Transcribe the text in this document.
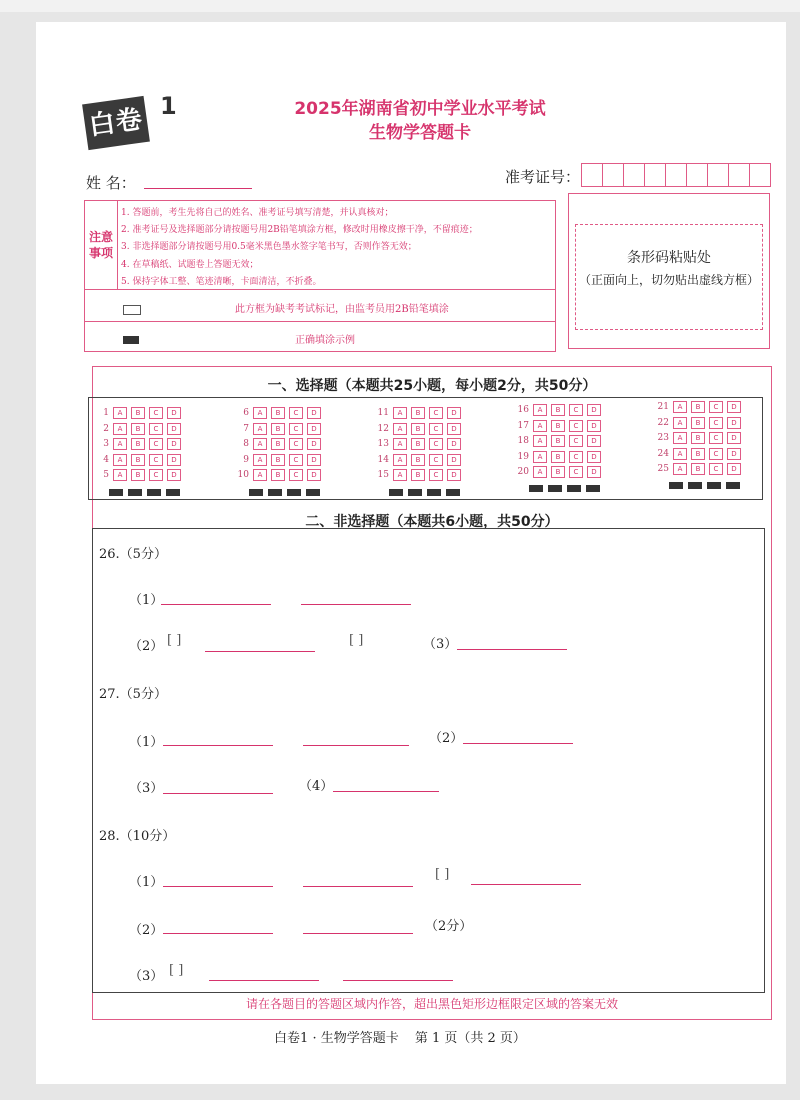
白卷 1	2025年湖南省初中学业水平考试
生物学答题卡
姓 名：	准考证号：
注意事项
1. 答题前，考生先将自己的姓名、准考证号填写清楚，并认真核对；
2. 准考证号及选择题部分请按题号用2B铅笔填涂方框，修改时用橡皮擦干净，不留痕迹；
3. 非选择题部分请按题号用0.5毫米黑色墨水签字笔书写，否则作答无效；
4. 在草稿纸、试题卷上答题无效；
5. 保持字体工整、笔迹清晰，卡面清洁，不折叠。
此方框为缺考考试标记，由监考员用2B铅笔填涂
正确填涂示例
条形码粘贴处
（正面向上，切勿贴出虚线方框）
一、选择题（本题共25小题，每小题2分，共50分）
二、非选择题（本题共6小题，共50分）
1	A	B	C	D
2	A	B	C	D
3	A	B	C	D
4	A	B	C	D
5	A	B	C	D
6	A	B	C	D
7	A	B	C	D
8	A	B	C	D
9	A	B	C	D
10	A	B	C	D
11	A	B	C	D
12	A	B	C	D
13	A	B	C	D
14	A	B	C	D
15	A	B	C	D
16	A	B	C	D
17	A	B	C	D
18	A	B	C	D
19	A	B	C	D
20	A	B	C	D
21	A	B	C	D
22	A	B	C	D
23	A	B	C	D
24	A	B	C	D
25	A	B	C	D
26.（5分）
（1）
（2） [ ]	[ ]	（3）
27.（5分）
（1）	（2）
（3）	（4）
28.（10分）
（1）
[ ]
（2）	（2分）
（3） [ ]
请在各题目的答题区域内作答，超出黑色矩形边框限定区域的答案无效
白卷1 · 生物学答题卡 第 1 页（共 2 页）
